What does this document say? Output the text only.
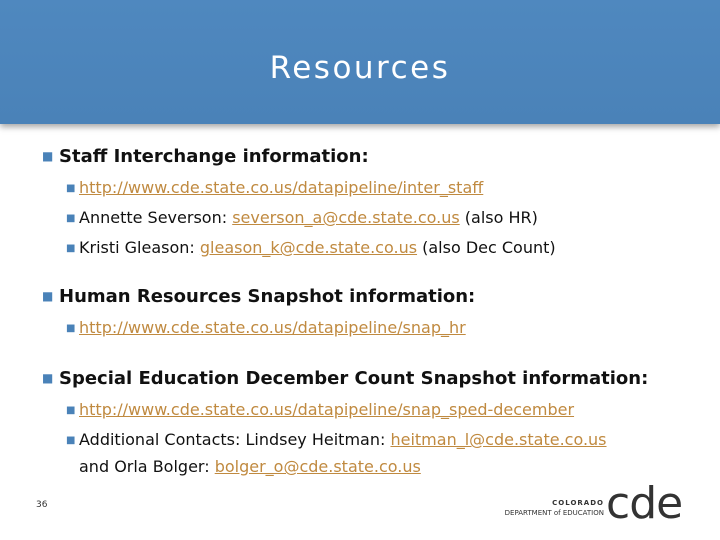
Resources
■ Staff Interchange information:
■ http://www.cde.state.co.us/datapipeline/inter_staff
■ Annette Severson: severson_a@cde.state.co.us (also HR)
■ Kristi Gleason: gleason_k@cde.state.co.us (also Dec Count)
■ Human Resources Snapshot information:
■ http://www.cde.state.co.us/datapipeline/snap_hr
■ Special Education December Count Snapshot information:
■ http://www.cde.state.co.us/datapipeline/snap_sped-december
■ Additional Contacts: Lindsey Heitman: heitman_l@cde.state.co.us
and Orla Bolger: bolger_o@cde.state.co.us
36	COLORADO
DEPARTMENT of EDUCATION cde
